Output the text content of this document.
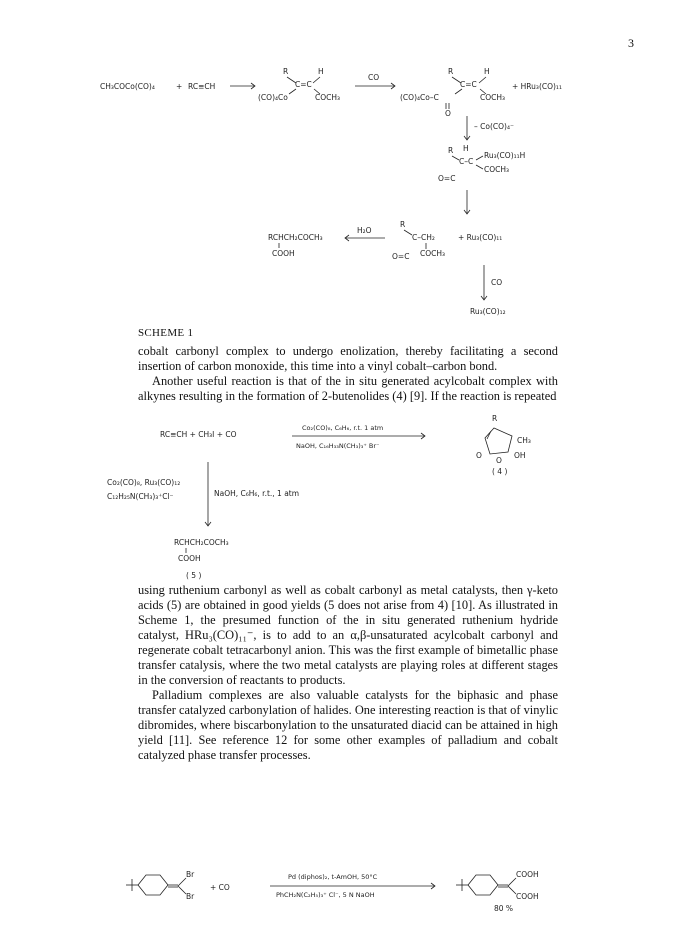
3
CH₃COCo(CO)₄	+ RC≡CH
R	H
C=C
(CO)₄Co	COCH₃
CO
R	H
C=C
(CO)₄Co–C	COCH₃
O
+ HRu₃(CO)₁₁
– Co(CO)₄⁻
R H
C–C
Ru₃(CO)₁₁H
COCH₃
O=C
RCHCH₂COCH₃
COOH
H₂O
R
C–CH₂
COCH₃
O=C
+ Ru₃(CO)₁₁
CO
Ru₃(CO)₁₂
RC≡CH + CH₃I + CO
Co₂(CO)₈, C₆H₆, r.t. 1 atm
NaOH, C₁₆H₃₃N(CH₃)₃⁺ Br⁻
R
CH₃
OH
O
O
( 4 )
Co₂(CO)₈, Ru₃(CO)₁₂
C₁₂H₂₅N(CH₃)₃⁺Cl⁻	NaOH, C₆H₆, r.t., 1 atm
RCHCH₂COCH₃
COOH
( 5 )
Br
Br
+ CO
Pd (diphos)₂, t-AmOH, 50°C
PhCH₂N(C₂H₅)₃⁺ Cl⁻, 5 N NaOH
COOH
COOH
80 %
SCHEME 1

cobalt carbonyl complex to undergo enolization, thereby facilitating a second insertion of carbon monoxide, this time into a vinyl cobalt–carbon bond.

Another useful reaction is that of the in situ generated acylcobalt complex with alkynes resulting in the formation of 2-butenolides (4) [9]. If the reaction is repeated

using ruthenium carbonyl as well as cobalt carbonyl as metal catalysts, then γ-keto acids (5) are obtained in good yields (5 does not arise from 4) [10]. As illustrated in Scheme 1, the presumed function of the in situ generated ruthenium hydride catalyst, HRu₃(CO)₁₁⁻, is to add to an α,β-unsaturated acylcobalt carbonyl and regenerate cobalt tetracarbonyl anion. This was the first example of bimetallic phase transfer catalysis, where the two metal catalysts are playing roles at different stages in the conversion of reactants to products.

Palladium complexes are also valuable catalysts for the biphasic and phase transfer catalyzed carbonylation of halides. One interesting reaction is that of vinylic dibromides, where biscarbonylation to the unsaturated diacid can be attained in high yield [11]. See reference 12 for some other examples of palladium and cobalt catalyzed phase transfer processes.
